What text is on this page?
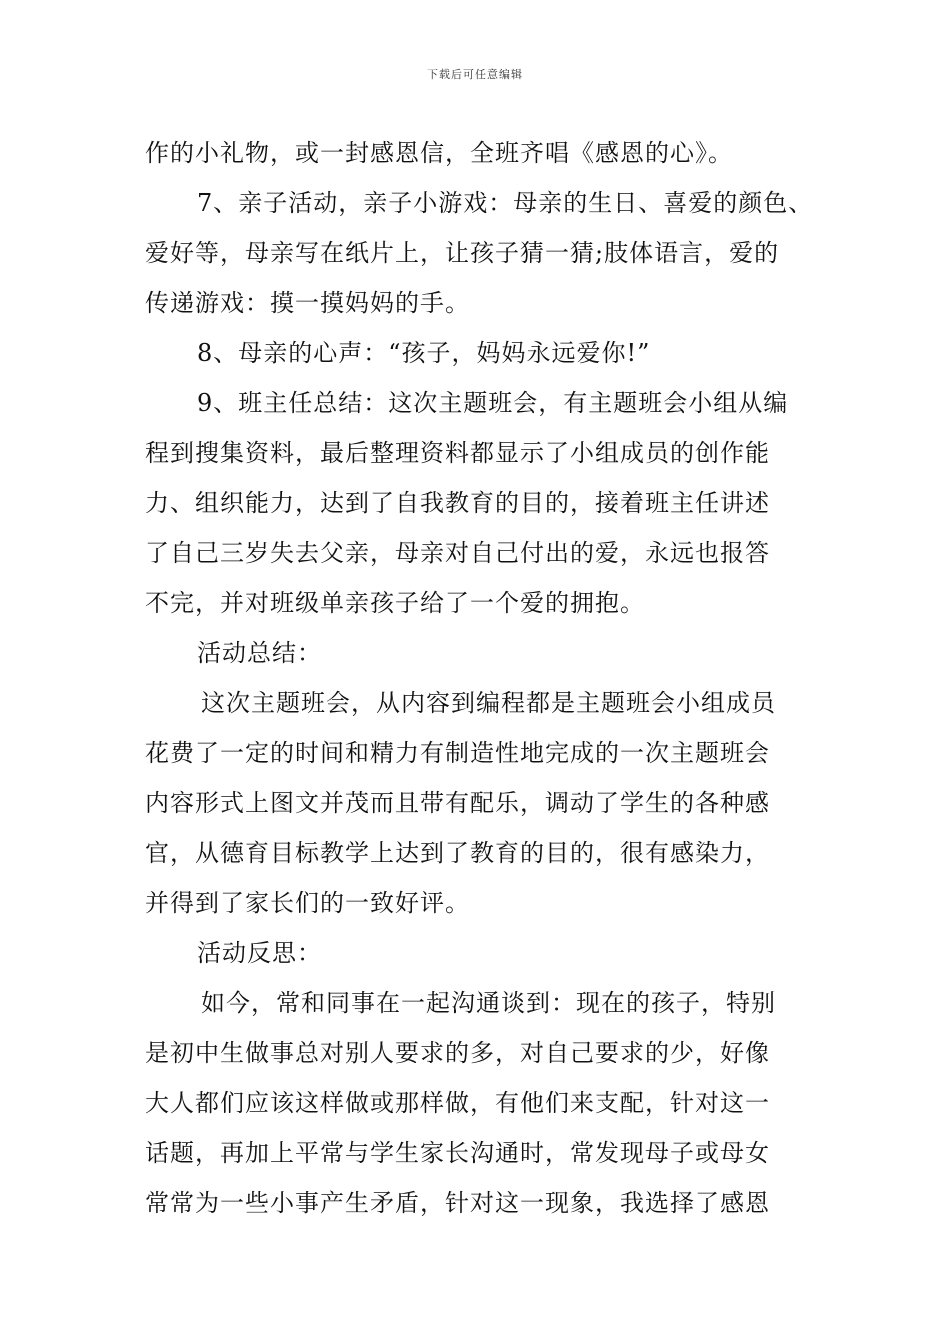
下载后可任意编辑
作的小礼物，或一封感恩信，全班齐唱《感恩的心》。
7、亲子活动，亲子小游戏：母亲的生日、喜爱的颜色、
爱好等，母亲写在纸片上，让孩子猜一猜;肢体语言，爱的
传递游戏：摸一摸妈妈的手。
8、母亲的心声：“孩子，妈妈永远爱你!”
9、班主任总结：这次主题班会，有主题班会小组从编
程到搜集资料，最后整理资料都显示了小组成员的创作能
力、组织能力，达到了自我教育的目的，接着班主任讲述
了自己三岁失去父亲，母亲对自己付出的爱，永远也报答
不完，并对班级单亲孩子给了一个爱的拥抱。
活动总结：
这次主题班会，从内容到编程都是主题班会小组成员
花费了一定的时间和精力有制造性地完成的一次主题班会
内容形式上图文并茂而且带有配乐，调动了学生的各种感
官，从德育目标教学上达到了教育的目的，很有感染力，
并得到了家长们的一致好评。
活动反思：
如今，常和同事在一起沟通谈到：现在的孩子，特别
是初中生做事总对别人要求的多，对自己要求的少，好像
大人都们应该这样做或那样做，有他们来支配，针对这一
话题，再加上平常与学生家长沟通时，常发现母子或母女
常常为一些小事产生矛盾，针对这一现象，我选择了感恩
